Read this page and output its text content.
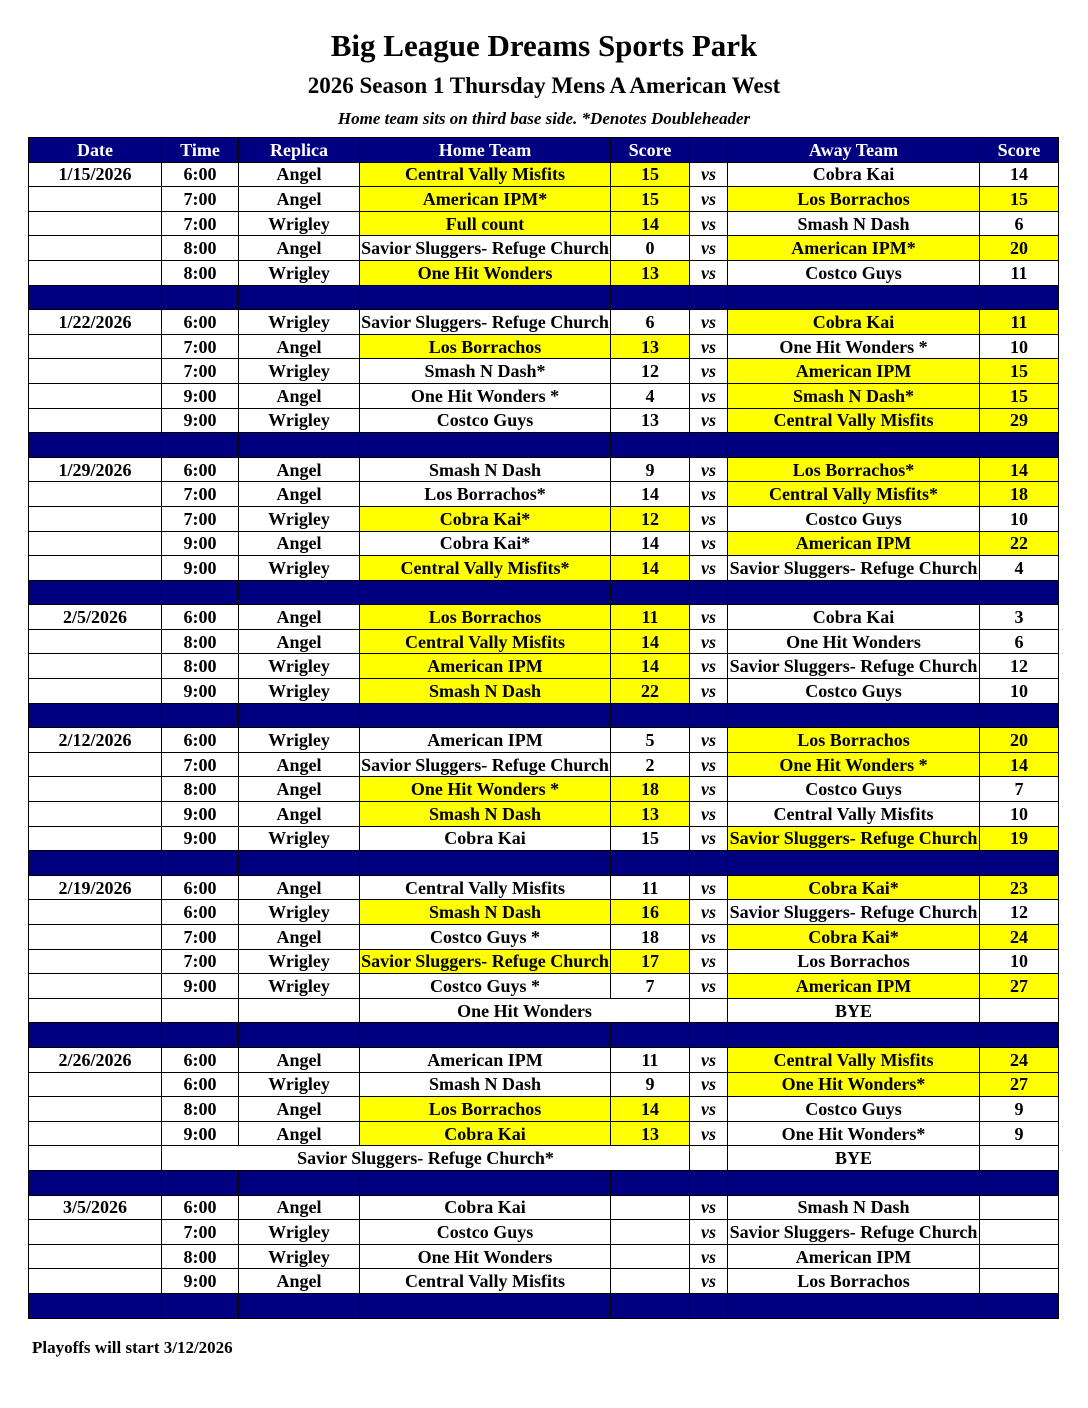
Big League Dreams Sports Park
2026 Season 1 Thursday Mens A American West
Home team sits on third base side. *Denotes Doubleheader
Date	Time	Replica	Home Team	Score		Away Team	Score
1/15/2026	6:00	Angel	Central Vally Misfits	15	vs	Cobra Kai	14
	7:00	Angel	American IPM*	15	vs	Los Borrachos	15
	7:00	Wrigley	Full count	14	vs	Smash N Dash	6
	8:00	Angel	Savior Sluggers- Refuge Church	0	vs	American IPM*	20
	8:00	Wrigley	One Hit Wonders	13	vs	Costco Guys	11

1/22/2026	6:00	Wrigley	Savior Sluggers- Refuge Church	6	vs	Cobra Kai	11
	7:00	Angel	Los Borrachos	13	vs	One Hit Wonders *	10
	7:00	Wrigley	Smash N Dash*	12	vs	American IPM	15
	9:00	Angel	One Hit Wonders *	4	vs	Smash N Dash*	15
	9:00	Wrigley	Costco Guys	13	vs	Central Vally Misfits	29

1/29/2026	6:00	Angel	Smash N Dash	9	vs	Los Borrachos*	14
	7:00	Angel	Los Borrachos*	14	vs	Central Vally Misfits*	18
	7:00	Wrigley	Cobra Kai*	12	vs	Costco Guys	10
	9:00	Angel	Cobra Kai*	14	vs	American IPM	22
	9:00	Wrigley	Central Vally Misfits*	14	vs	Savior Sluggers- Refuge Church	4

2/5/2026	6:00	Angel	Los Borrachos	11	vs	Cobra Kai	3
	8:00	Angel	Central Vally Misfits	14	vs	One Hit Wonders	6
	8:00	Wrigley	American IPM	14	vs	Savior Sluggers- Refuge Church	12
	9:00	Wrigley	Smash N Dash	22	vs	Costco Guys	10

2/12/2026	6:00	Wrigley	American IPM	5	vs	Los Borrachos	20
	7:00	Angel	Savior Sluggers- Refuge Church	2	vs	One Hit Wonders *	14
	8:00	Angel	One Hit Wonders *	18	vs	Costco Guys	7
	9:00	Angel	Smash N Dash	13	vs	Central Vally Misfits	10
	9:00	Wrigley	Cobra Kai	15	vs	Savior Sluggers- Refuge Church	19

2/19/2026	6:00	Angel	Central Vally Misfits	11	vs	Cobra Kai*	23
	6:00	Wrigley	Smash N Dash	16	vs	Savior Sluggers- Refuge Church	12
	7:00	Angel	Costco Guys *	18	vs	Cobra Kai*	24
	7:00	Wrigley	Savior Sluggers- Refuge Church	17	vs	Los Borrachos	10
	9:00	Wrigley	Costco Guys *	7	vs	American IPM	27
			One Hit Wonders			BYE	

2/26/2026	6:00	Angel	American IPM	11	vs	Central Vally Misfits	24
	6:00	Wrigley	Smash N Dash	9	vs	One Hit Wonders*	27
	8:00	Angel	Los Borrachos	14	vs	Costco Guys	9
	9:00	Angel	Cobra Kai	13	vs	One Hit Wonders*	9
	Savior Sluggers- Refuge Church*					BYE	

3/5/2026	6:00	Angel	Cobra Kai		vs	Smash N Dash	
	7:00	Wrigley	Costco Guys		vs	Savior Sluggers- Refuge Church	
	8:00	Wrigley	One Hit Wonders		vs	American IPM	
	9:00	Angel	Central Vally Misfits		vs	Los Borrachos	

Playoffs will start 3/12/2026
